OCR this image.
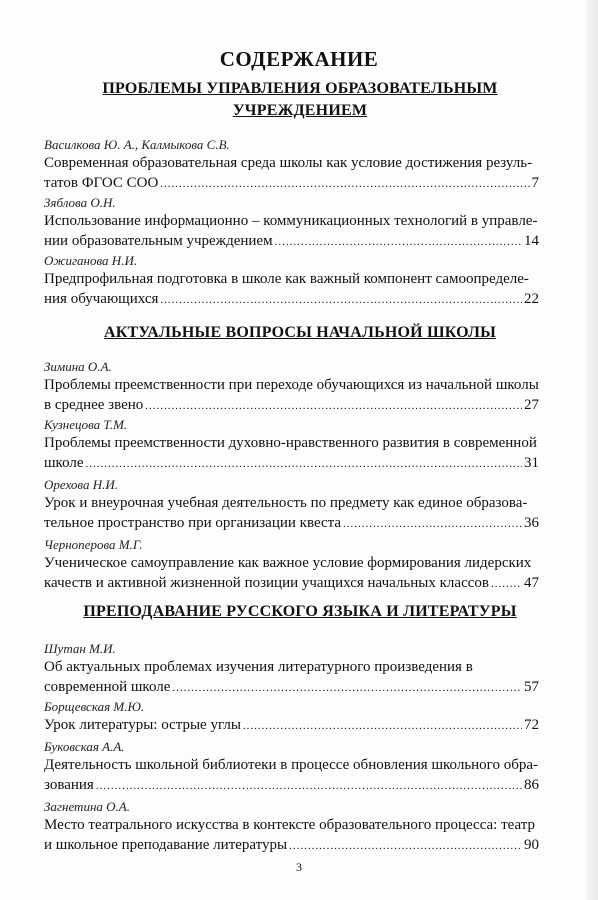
СОДЕРЖАНИЕ
ПРОБЛЕМЫ УПРАВЛЕНИЯ ОБРАЗОВАТЕЛЬНЫМ
УЧРЕЖДЕНИЕМ
Василкова Ю. А., Калмыкова С.В.
Современная образовательная среда школы как условие достижения резуль-
татов ФГОС СОО .....	7
Зяблова О.Н.
Использование информационно – коммуникационных технологий в управле-
нии образовательным учреждением .....	14
Ожиганова Н.И.
Предпрофильная подготовка в школе как важный компонент самоопределе-
ния обучающихся .....	22
АКТУАЛЬНЫЕ ВОПРОСЫ НАЧАЛЬНОЙ ШКОЛЫ
Зимина О.А.
Проблемы преемственности при переходе обучающихся из начальной школы
в среднее звено .....	27
Кузнецова Т.М.
Проблемы преемственности духовно-нравственного развития в современной
школе .....	31
Орехова Н.И.
Урок и внеурочная учебная деятельность по предмету как единое образова-
тельное пространство при организации квеста .....	36
Черноперова М.Г.
Ученическое самоуправление как важное условие формирования лидерских
качеств и активной жизненной позиции учащихся начальных классов ..... 47
ПРЕПОДАВАНИЕ РУССКОГО ЯЗЫКА И ЛИТЕРАТУРЫ
Шутан М.И.
Об актуальных проблемах изучения литературного произведения в
современной школе .....	57
Борщевская М.Ю.
Урок литературы: острые углы .....	72
Буковская А.А.
Деятельность школьной библиотеки в процессе обновления школьного обра-
зования .....	86
Загнетина О.А.
Место театрального искусства в контексте образовательного процесса: театр
и школьное преподавание литературы .....	90
3
